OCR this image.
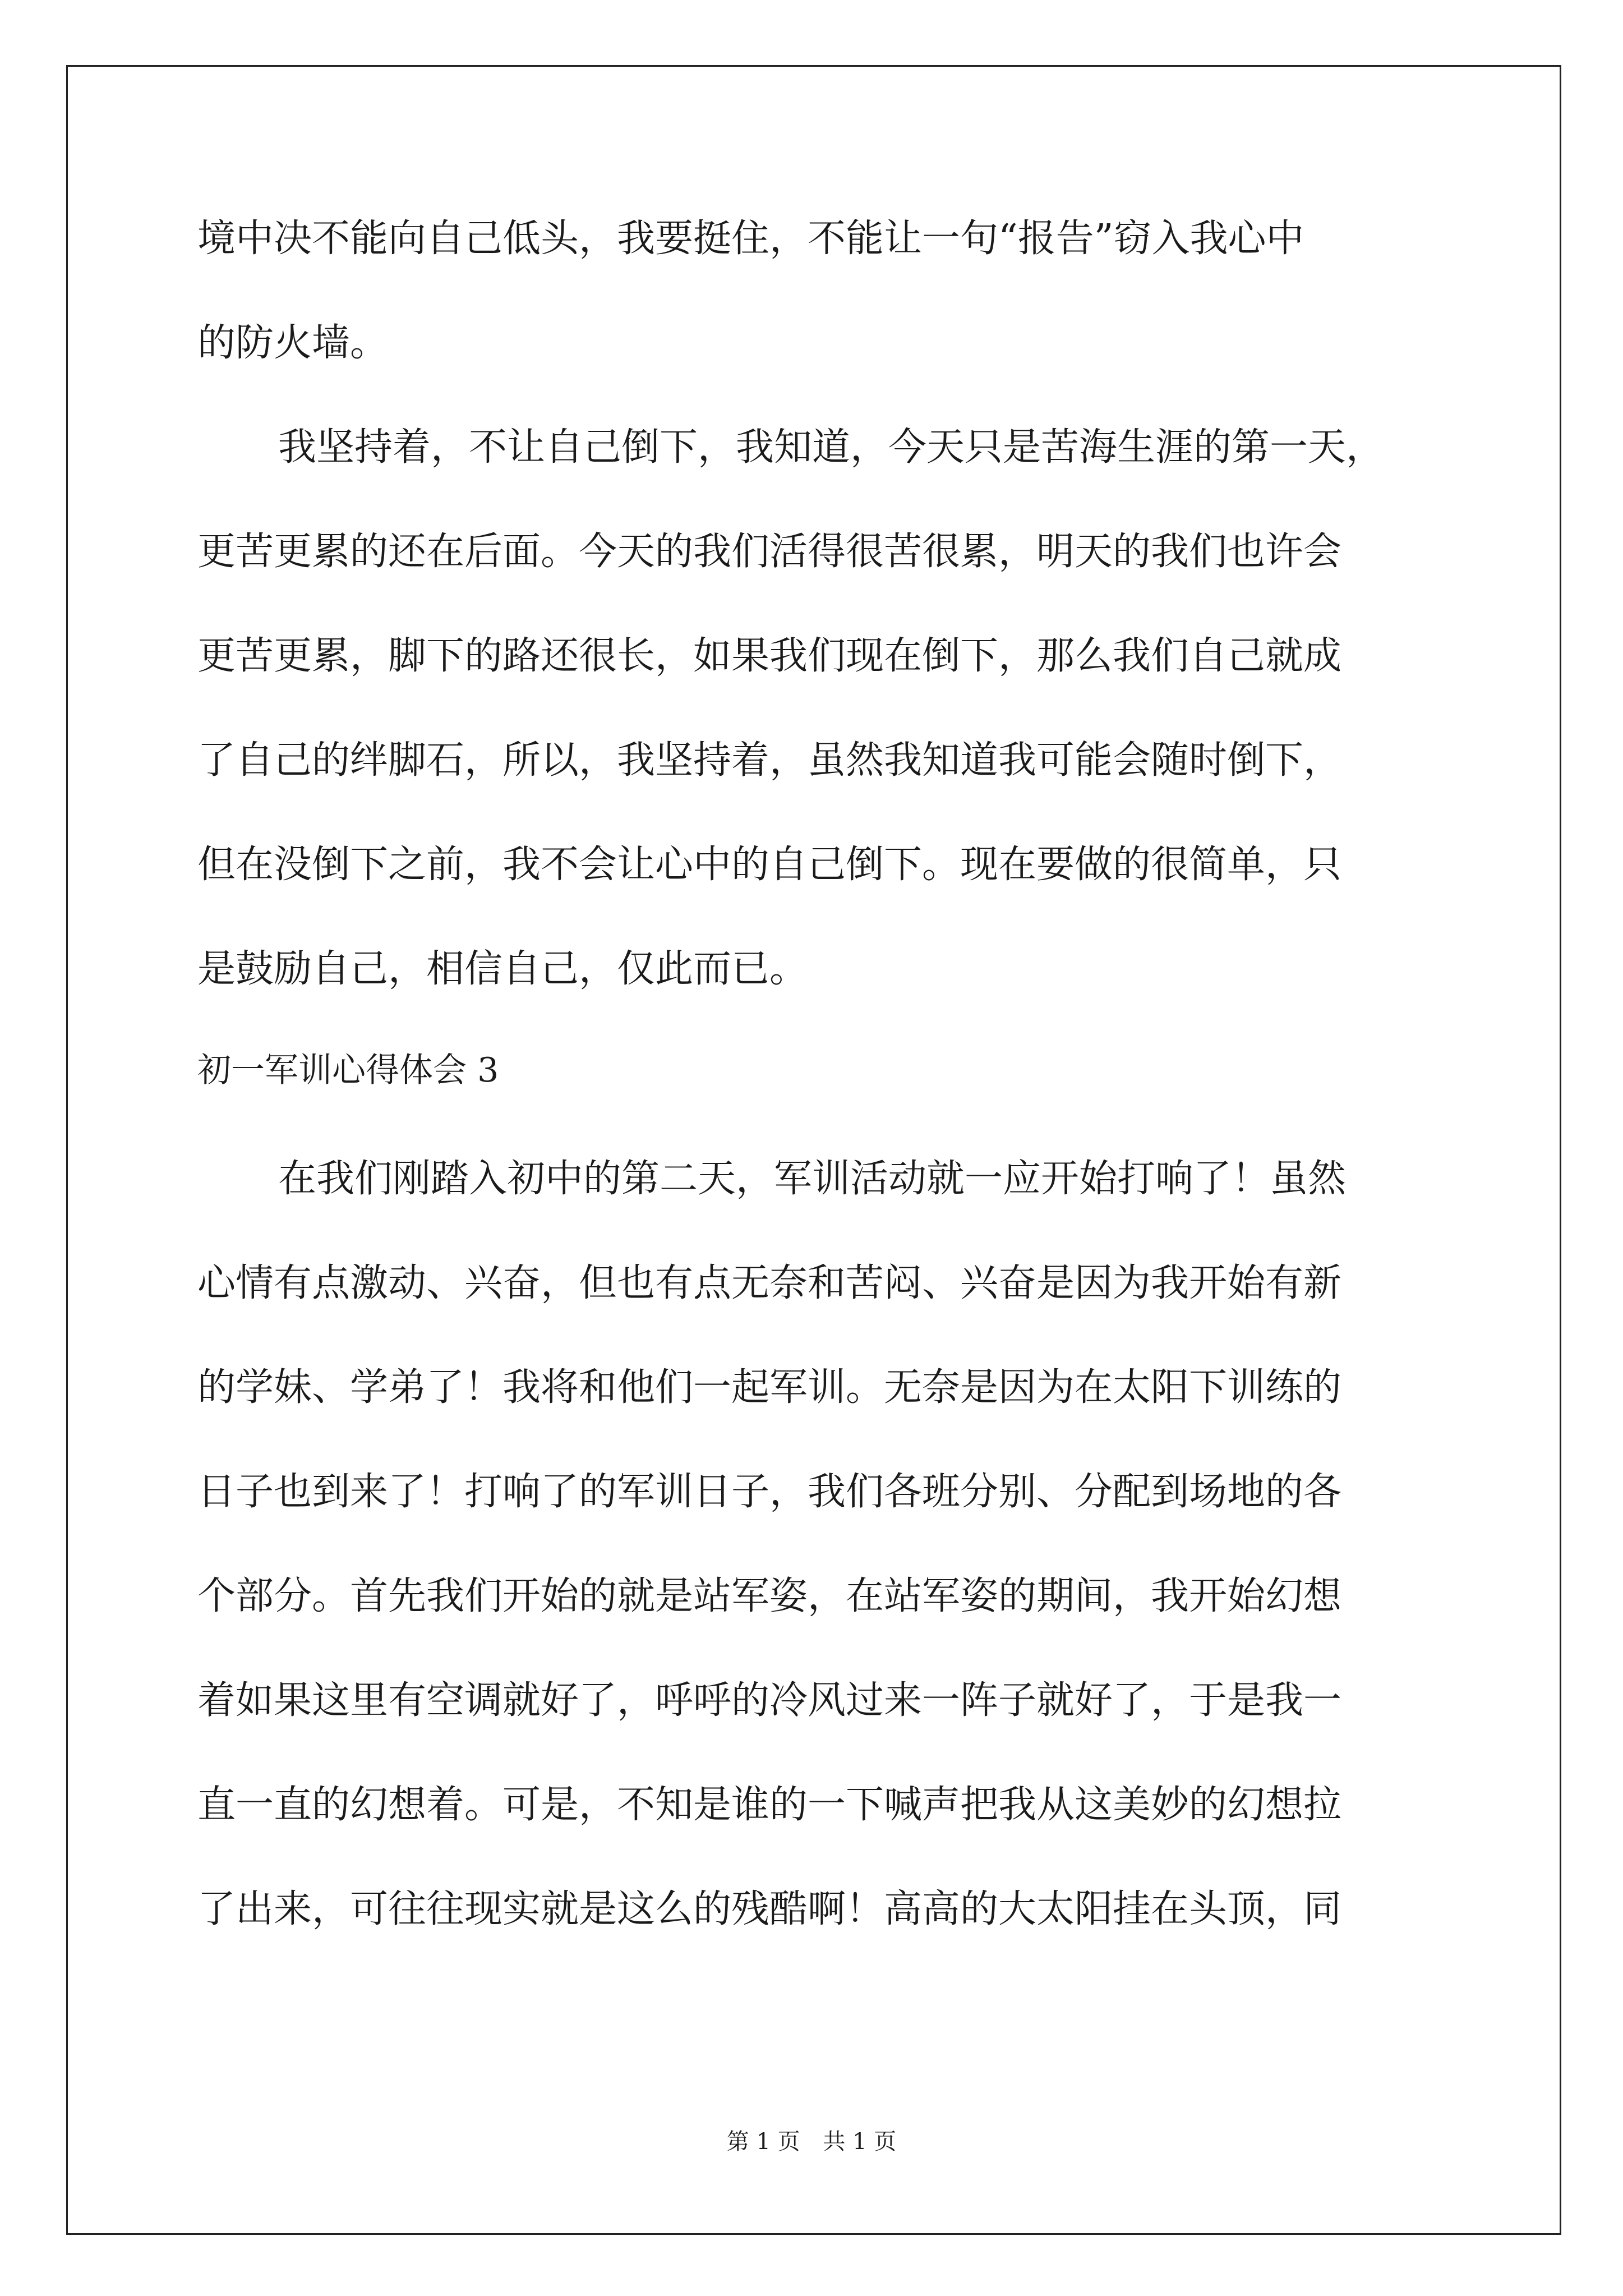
境中决不能向自己低头，我要挺住，不能让一句“报告”窃入我心中
的防火墙。
我坚持着，不让自己倒下，我知道，今天只是苦海生涯的第一天，
更苦更累的还在后面。今天的我们活得很苦很累，明天的我们也许会
更苦更累，脚下的路还很长，如果我们现在倒下，那么我们自己就成
了自己的绊脚石，所以，我坚持着，虽然我知道我可能会随时倒下，
但在没倒下之前，我不会让心中的自己倒下。现在要做的很简单，只
是鼓励自己，相信自己，仅此而已。
初一军训心得体会 3
在我们刚踏入初中的第二天，军训活动就一应开始打响了！虽然
心情有点激动、兴奋，但也有点无奈和苦闷、兴奋是因为我开始有新
的学妹、学弟了！我将和他们一起军训。无奈是因为在太阳下训练的
日子也到来了！打响了的军训日子，我们各班分别、分配到场地的各
个部分。首先我们开始的就是站军姿，在站军姿的期间，我开始幻想
着如果这里有空调就好了，呼呼的冷风过来一阵子就好了，于是我一
直一直的幻想着。可是，不知是谁的一下喊声把我从这美妙的幻想拉
了出来，可往往现实就是这么的残酷啊！高高的大太阳挂在头顶，同
第 1 页 共 1 页
